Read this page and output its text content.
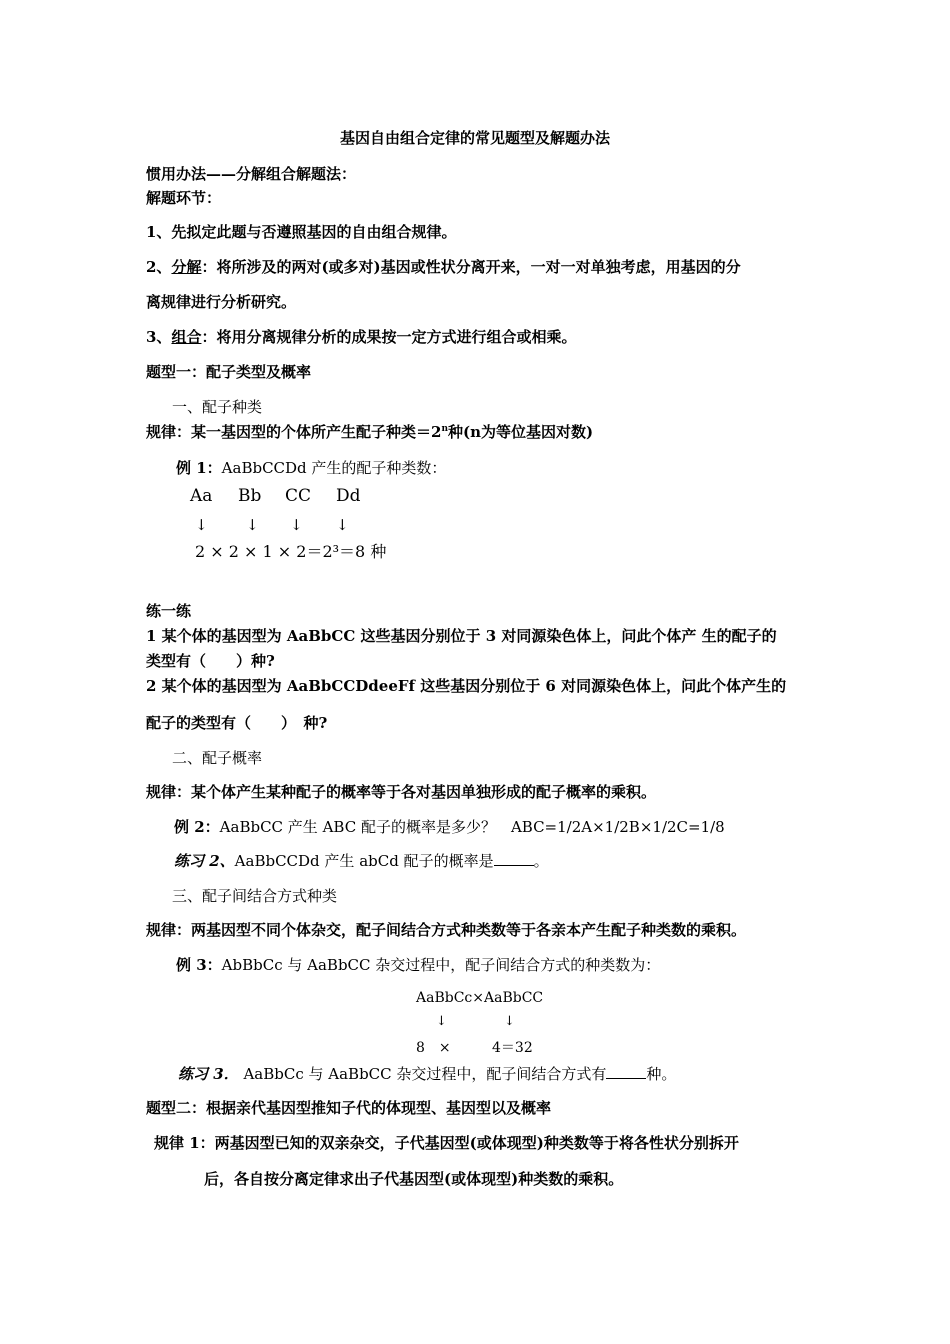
基因自由组合定律的常见题型及解题办法
惯用办法——分解组合解题法：
解题环节：
1、先拟定此题与否遵照基因的自由组合规律。
2、分解：将所涉及的两对(或多对)基因或性状分离开来，一对一对单独考虑，用基因的分
离规律进行分析研究。
3、组合：将用分离规律分析的成果按一定方式进行组合或相乘。
题型一：配子类型及概率
一、配子种类
规律：某一基因型的个体所产生配子种类$=2^n$种(n为等位基因对数)
例 1：AaBbCCDd 产生的配子种类数：
Aa Bb CC Dd
↓	↓ ↓ ↓
2 × 2 × 1 × 2＝2³＝8 种
练一练
1 某个体的基因型为 AaBbCC 这些基因分别位于 3 对同源染色体上，问此个体产 生的配子的
类型有（　　）种?
2 某个体的基因型为 AaBbCCDdeeFf 这些基因分别位于 6 对同源染色体上，问此个体产生的
配子的类型有（　　）　种?
二、配子概率
规律：某个体产生某种配子的概率等于各对基因单独形成的配子概率的乘积。
例 2：AaBbCC 产生 ABC 配子的概率是多少？　ABC=1/2A×1/2B×1/2C=1/8
练习 2、AaBbCCDd 产生 abCd 配子的概率是	。
三、配子间结合方式种类
规律：两基因型不同个体杂交，配子间结合方式种类数等于各亲本产生配子种类数的乘积。
例 3：AbBbCc 与 AaBbCC 杂交过程中，配子间结合方式的种类数为：
AaBbCc×AaBbCC
↓	↓
8　×	4＝32
练习 3． AaBbCc 与 AaBbCC 杂交过程中，配子间结合方式有	种。
题型二：根据亲代基因型推知子代的体现型、基因型以及概率
规律 1：两基因型已知的双亲杂交，子代基因型(或体现型)种类数等于将各性状分别拆开
后，各自按分离定律求出子代基因型(或体现型)种类数的乘积。
